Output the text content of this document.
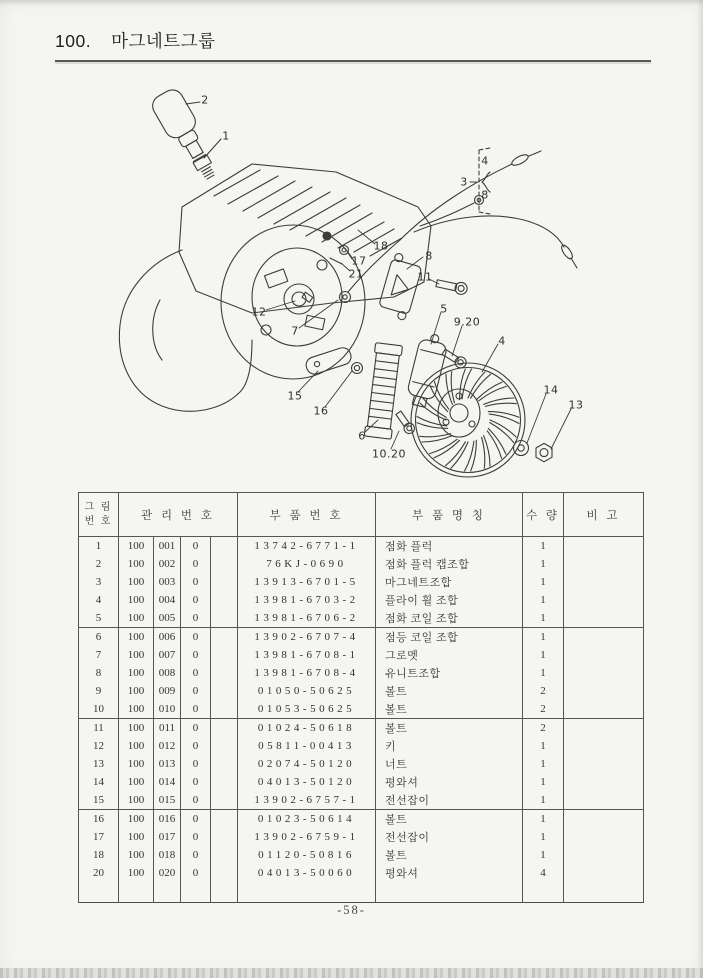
100. 마그네트그룹
2
1
3
4
8
18
17
21
8
11
5
9.20
4
14
13
12
7
15
16
6
10.20
그 림
번 호	관 리 번 호				부 품 번 호	부 품 명 칭	수 량	비 고
1	100	001	0		13742-6771-1	점화 플럭	1	
2	100	002	0		76KJ-0690	점화 플럭 캡조합	1	
3	100	003	0		13913-6701-5	마그네트조합	1	
4	100	004	0		13981-6703-2	플라이 휠 조합	1	
5	100	005	0		13981-6706-2	점화 코일 조합	1	
6	100	006	0		13902-6707-4	점등 코일 조합	1	
7	100	007	0		13981-6708-1	그로멧	1	
8	100	008	0		13981-6708-4	유니트조합	1	
9	100	009	0		01050-50625	볼트	2	
10	100	010	0		01053-50625	볼트	2	
11	100	011	0		01024-50618	볼트	2	
12	100	012	0		05811-00413	키	1	
13	100	013	0		02074-50120	너트	1	
14	100	014	0		04013-50120	평와셔	1	
15	100	015	0		13902-6757-1	전선잡이	1	
16	100	016	0		01023-50614	볼트	1	
17	100	017	0		13902-6759-1	전선잡이	1	
18	100	018	0		01120-50816	볼트	1	
20	100	020	0		04013-50060	평와셔	4	

-58-
